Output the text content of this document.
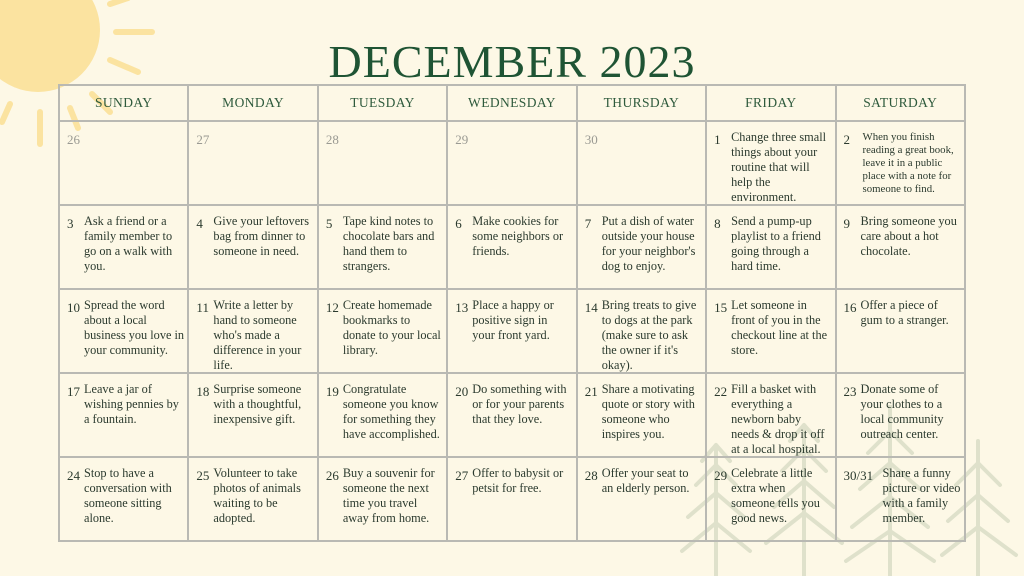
DECEMBER 2023
SUNDAY	MONDAY	TUESDAY	WEDNESDAY	THURSDAY	FRIDAY	SATURDAY

26	27	28	29	30	1 Change three small things about your routine that will help the environment.	2 When you finish reading a great book, leave it in a public place with a note for someone to find.

3 Ask a friend or a family member to go on a walk with you.	4 Give your leftovers bag from dinner to someone in need.	5 Tape kind notes to chocolate bars and hand them to strangers.	6 Make cookies for some neighbors or friends.	7 Put a dish of water outside your house for your neighbor's dog to enjoy.	8 Send a pump-up playlist to a friend going through a hard time.	9 Bring someone you care about a hot chocolate.

10 Spread the word about a local business you love in your community.	11 Write a letter by hand to someone who's made a difference in your life.	12 Create homemade bookmarks to donate to your local library.	13 Place a happy or positive sign in your front yard.	14 Bring treats to give to dogs at the park (make sure to ask the owner if it's okay).	15 Let someone in front of you in the checkout line at the store.	16 Offer a piece of gum to a stranger.

17 Leave a jar of wishing pennies by a fountain.	18 Surprise someone with a thoughtful, inexpensive gift.	19 Congratulate someone you know for something they have accomplished.	20 Do something with or for your parents that they love.	21 Share a motivating quote or story with someone who inspires you.	22 Fill a basket with everything a newborn baby needs & drop it off at a local hospital.	23 Donate some of your clothes to a local community outreach center.

24 Stop to have a conversation with someone sitting alone.	25 Volunteer to take photos of animals waiting to be adopted.	26 Buy a souvenir for someone the next time you travel away from home.	27 Offer to babysit or petsit for free.	28 Offer your seat to an elderly person.	29 Celebrate a little extra when someone tells you good news.	30/31 Share a funny picture or video with a family member.
